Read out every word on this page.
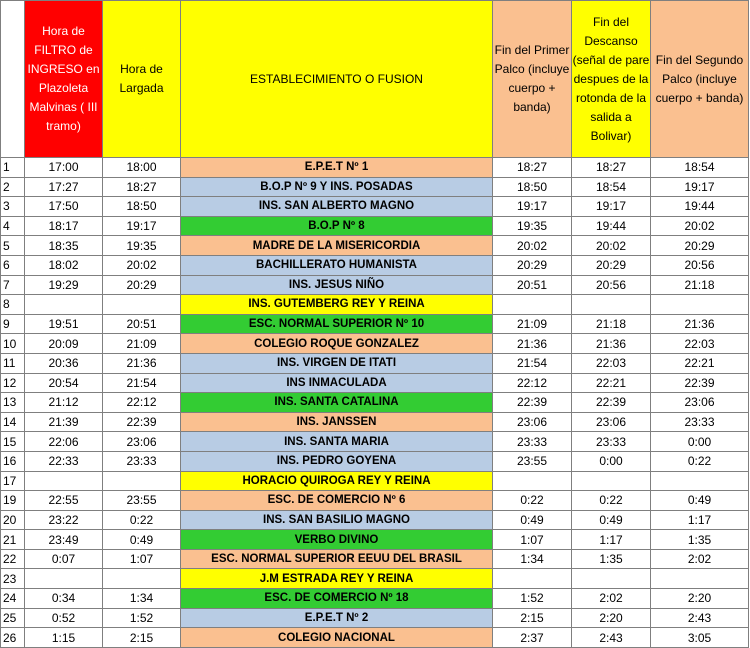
	Hora de FILTRO de INGRESO en Plazoleta Malvinas ( III tramo)	Hora de Largada	ESTABLECIMIENTO O FUSION	Fin del Primer Palco (incluye cuerpo + banda)	Fin del Descanso (señal de pare despues de la rotonda de la salida a Bolivar)	Fin del Segundo Palco (incluye cuerpo + banda)
1	17:00	18:00	E.P.E.T Nº 1	18:27	18:27	18:54
2	17:27	18:27	B.O.P Nº 9 Y INS. POSADAS	18:50	18:54	19:17
3	17:50	18:50	INS. SAN ALBERTO MAGNO	19:17	19:17	19:44
4	18:17	19:17	B.O.P Nº 8	19:35	19:44	20:02
5	18:35	19:35	MADRE DE LA MISERICORDIA	20:02	20:02	20:29
6	18:02	20:02	BACHILLERATO HUMANISTA	20:29	20:29	20:56
7	19:29	20:29	INS. JESUS NIÑO	20:51	20:56	21:18
8			INS. GUTEMBERG REY Y REINA			
9	19:51	20:51	ESC. NORMAL SUPERIOR Nº 10	21:09	21:18	21:36
10	20:09	21:09	COLEGIO ROQUE GONZALEZ	21:36	21:36	22:03
11	20:36	21:36	INS. VIRGEN DE ITATI	21:54	22:03	22:21
12	20:54	21:54	INS INMACULADA	22:12	22:21	22:39
13	21:12	22:12	INS. SANTA CATALINA	22:39	22:39	23:06
14	21:39	22:39	INS. JANSSEN	23:06	23:06	23:33
15	22:06	23:06	INS. SANTA MARIA	23:33	23:33	0:00
16	22:33	23:33	INS. PEDRO GOYENA	23:55	0:00	0:22
17			HORACIO QUIROGA REY Y REINA			
19	22:55	23:55	ESC. DE COMERCIO Nº 6	0:22	0:22	0:49
20	23:22	0:22	INS. SAN BASILIO MAGNO	0:49	0:49	1:17
21	23:49	0:49	VERBO DIVINO	1:07	1:17	1:35
22	0:07	1:07	ESC. NORMAL SUPERIOR EEUU DEL BRASIL	1:34	1:35	2:02
23			J.M ESTRADA REY Y REINA			
24	0:34	1:34	ESC. DE COMERCIO Nº 18	1:52	2:02	2:20
25	0:52	1:52	E.P.E.T Nº 2	2:15	2:20	2:43
26	1:15	2:15	COLEGIO NACIONAL	2:37	2:43	3:05
